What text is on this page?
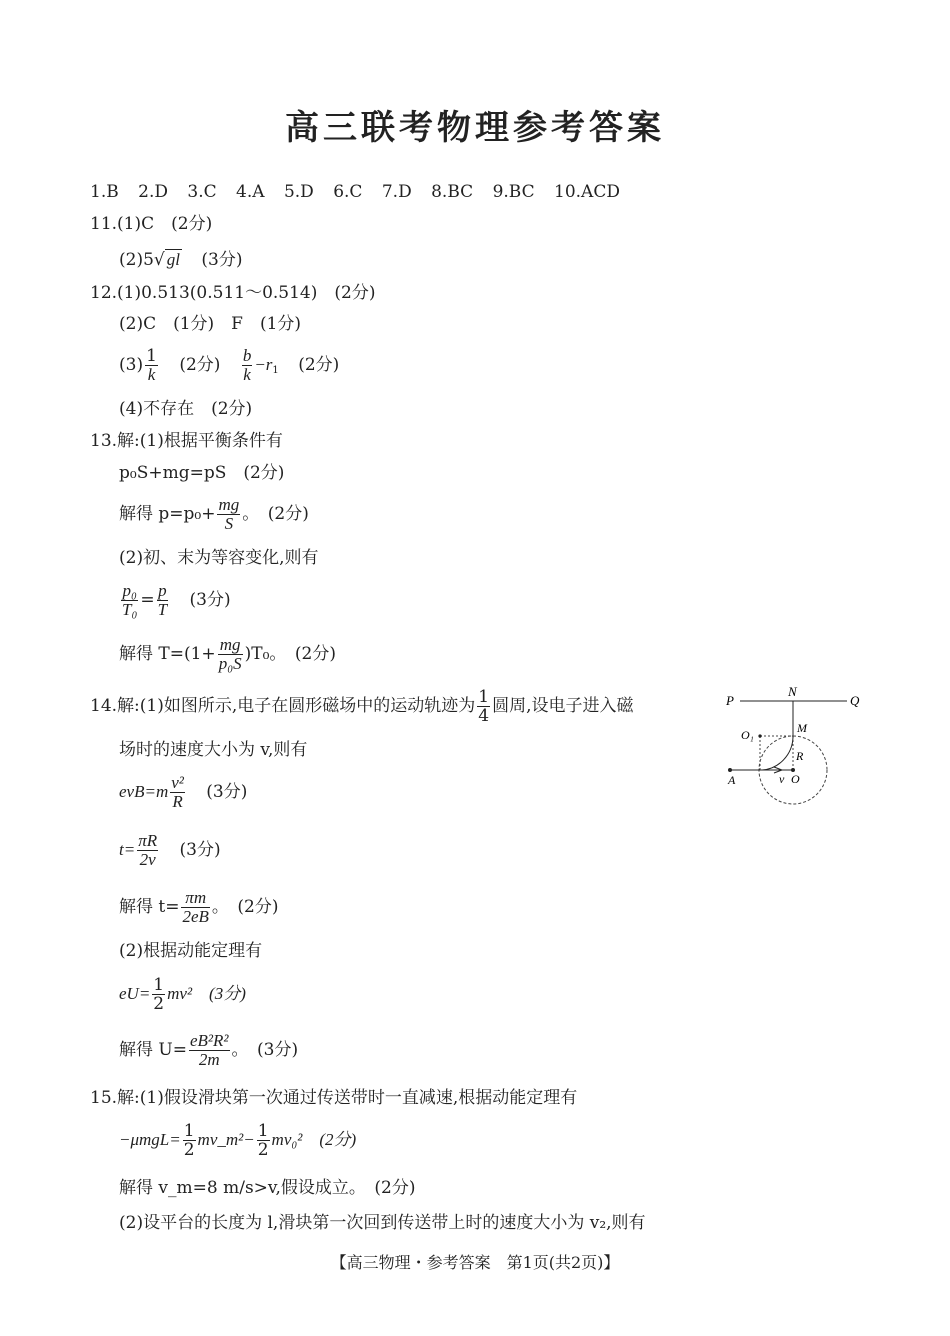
高三联考物理参考答案
1.B 2.D 3.C 4.A 5.D 6.C 7.D 8.BC 9.BC 10.ACD
11.(1)C　(2分)
(2)5√ gl (3分)
12.(1)0.513(0.511～0.514)　(2分)
(2)C　(1分)　F　(1分)
$(3) \frac{1}{k} (2$分) $\frac{b}{k} -r_1$ (2分)
(4)不存在　(2分)
13.解:(1)根据平衡条件有
p₀S+mg=pS　(2分)
解得 $p=p_0+ \frac{mg}{S}$ 。　(2分)
(2)初、末为等容变化,则有
$\frac{\text{p₀}}{\text{T₀}} = \frac{p}{T} (3$分)
解得 $T=(1+ \frac{mg}{\text{p₀S}} )T_0$。　(2分)
14.解:(1)如图所示,电子在圆形磁场中的运动轨迹为 $\frac{1}{4}$ 圆周,设电子进入磁
场时的速度大小为 v,则有
$evB=m \frac{\text{v²}}{R} (3$分)
$t= \frac{\pi R}{2v} (3$分)
解得 $t= \frac{\pi m}{2eB}$ 。　(2分)
(2)根据动能定理有
$eU= \frac{1}{2} mv^2$　(3分)
解得 $U= \frac{\text{eB²R²}}{2m}$ 。　(3分)
P
N
Q
O₁	M
R
A	v O
15.解:(1)假设滑块第一次通过传送带时一直减速,根据动能定理有
$-\mu mgL= \frac{1}{2}$ mv_m²− $\frac{1}{2} mv_0^2$　(2分)
解得 v_m=8 m/s>v,假设成立。　(2分)
(2)设平台的长度为 l,滑块第一次回到传送带上时的速度大小为 v₂,则有
【高三物理・参考答案　第1页(共2页)】
